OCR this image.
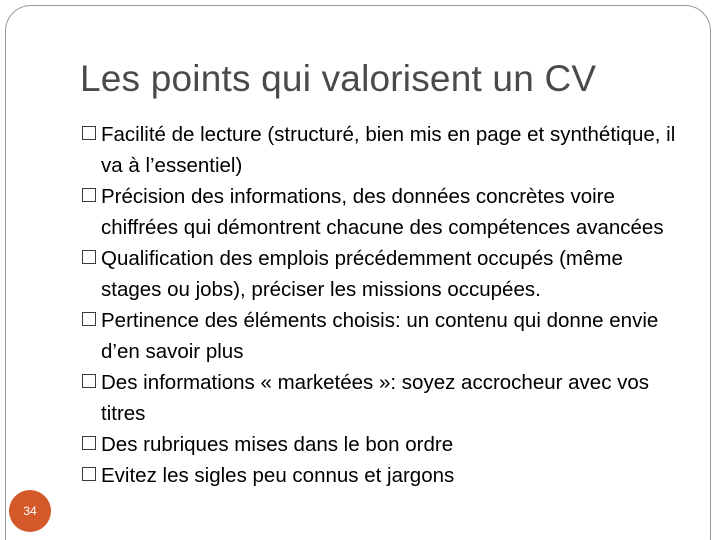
Les points qui valorisent un CV
Facilité de lecture (structuré, bien mis en page et synthétique, il va à l’essentiel)
Précision des informations, des données concrètes voire chiffrées qui démontrent chacune des compétences avancées
Qualification des emplois précédemment occupés (même stages ou jobs), préciser les missions occupées.
Pertinence des éléments choisis: un contenu qui donne envie d’en savoir plus
Des informations « marketées »: soyez accrocheur avec vos titres
Des rubriques mises dans le bon ordre
Evitez les sigles peu connus et jargons
34
